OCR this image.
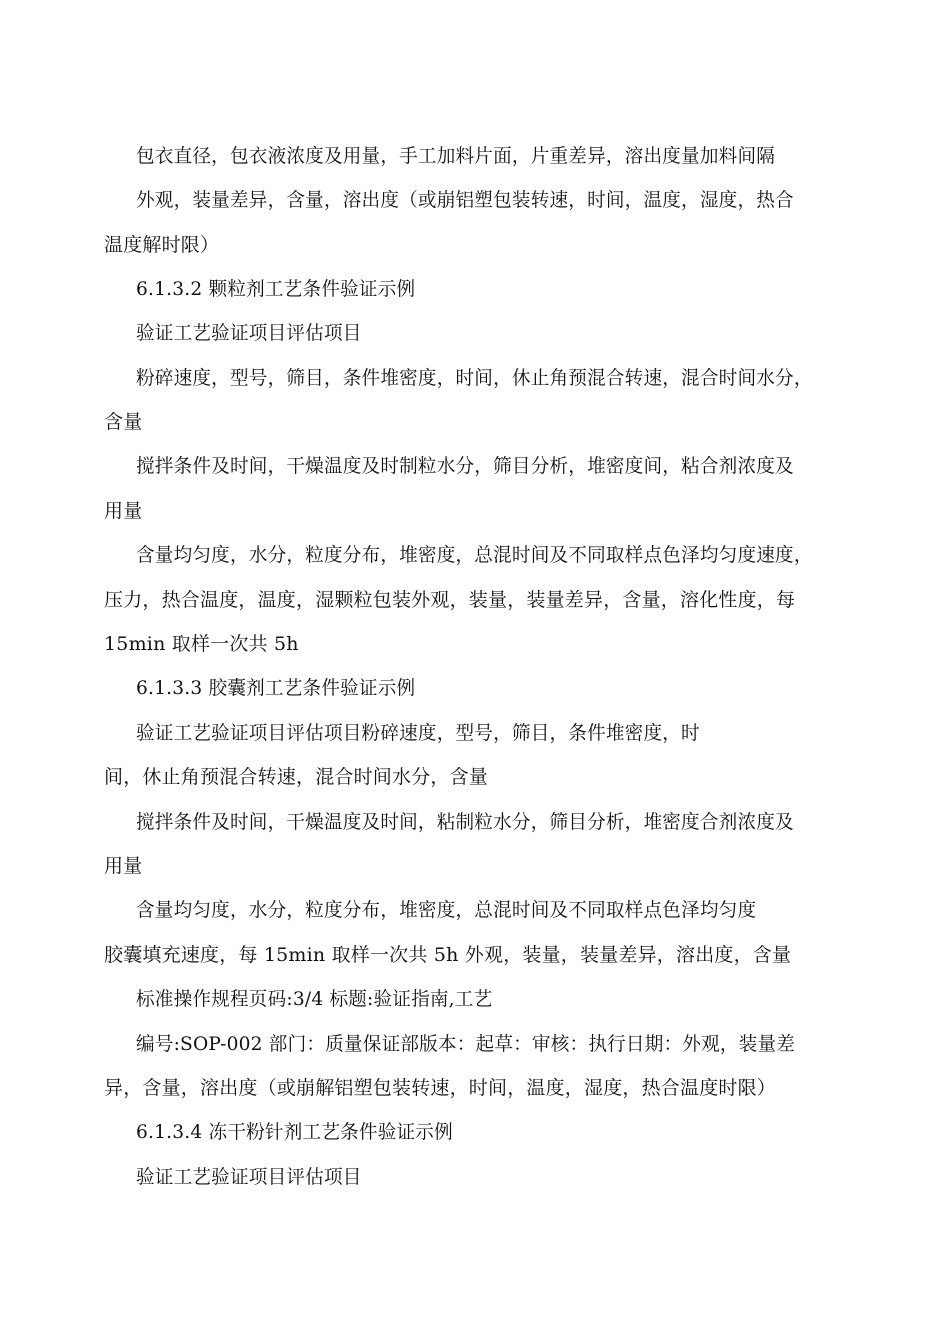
包衣直径，包衣液浓度及用量，手工加料片面，片重差异，溶出度量加料间隔
外观，装量差异，含量，溶出度（或崩铝塑包装转速，时间，温度，湿度，热合
温度解时限）
6.1.3.2 颗粒剂工艺条件验证示例
验证工艺验证项目评估项目
粉碎速度，型号，筛目，条件堆密度，时间，休止角预混合转速，混合时间水分，
含量
搅拌条件及时间，干燥温度及时制粒水分，筛目分析，堆密度间，粘合剂浓度及
用量
含量均匀度，水分，粒度分布，堆密度，总混时间及不同取样点色泽均匀度速度，
压力，热合温度，温度，湿颗粒包装外观，装量，装量差异，含量，溶化性度，每
15min 取样一次共 5h
6.1.3.3 胶囊剂工艺条件验证示例
验证工艺验证项目评估项目粉碎速度，型号，筛目，条件堆密度，时
间，休止角预混合转速，混合时间水分，含量
搅拌条件及时间，干燥温度及时间，粘制粒水分，筛目分析，堆密度合剂浓度及
用量
含量均匀度，水分，粒度分布，堆密度，总混时间及不同取样点色泽均匀度
胶囊填充速度，每 15min 取样一次共 5h 外观，装量，装量差异，溶出度，含量
标准操作规程页码:3/4 标题:验证指南,工艺
编号:SOP-002 部门：质量保证部版本：起草：审核：执行日期：外观，装量差
异，含量，溶出度（或崩解铝塑包装转速，时间，温度，湿度，热合温度时限）
6.1.3.4 冻干粉针剂工艺条件验证示例
验证工艺验证项目评估项目
